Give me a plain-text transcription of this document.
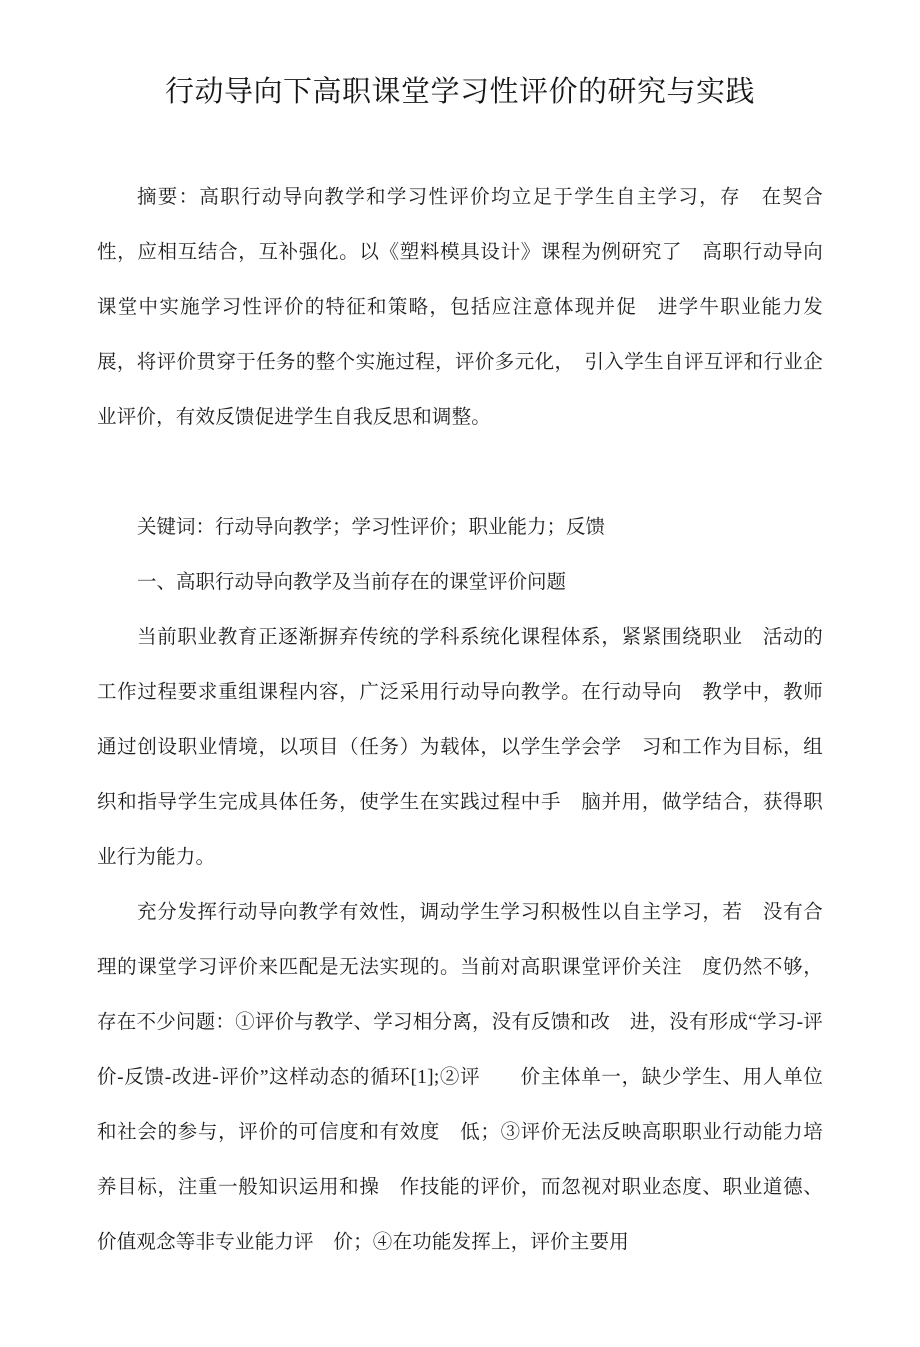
行动导向下高职课堂学习性评价的研究与实践

摘要：高职行动导向教学和学习性评价均立足于学生自主学习，存　在契合性，应相互结合，互补强化。以《塑料模具设计》课程为例研究了　高职行动导向课堂中实施学习性评价的特征和策略，包括应注意体现并促　进学牛职业能力发展，将评价贯穿于任务的整个实施过程，评价多元化，　引入学生自评互评和行业企业评价，有效反馈促进学生自我反思和调整。

关键词：行动导向教学；学习性评价；职业能力；反馈

一、高职行动导向教学及当前存在的课堂评价问题

当前职业教育正逐渐摒弃传统的学科系统化课程体系，紧紧围绕职业　活动的工作过程要求重组课程内容，广泛采用行动导向教学。在行动导向　教学中，教师通过创设职业情境，以项目（任务）为载体，以学生学会学　习和工作为目标，组织和指导学生完成具体任务，使学生在实践过程中手　脑并用，做学结合，获得职业行为能力。

充分发挥行动导向教学有效性，调动学生学习积极性以自主学习，若　没有合理的课堂学习评价来匹配是无法实现的。当前对高职课堂评价关注　度仍然不够，存在不少问题：①评价与教学、学习相分离，没有反馈和改　进，没有形成“学习-评价-反馈-改进-评价”这样动态的循环[1];②评　　价主体单一，缺少学生、用人单位和社会的参与，评价的可信度和有效度　低；③评价无法反映高职职业行动能力培养目标，注重一般知识运用和操　作技能的评价，而忽视对职业态度、职业道德、价值观念等非专业能力评　价；④在功能发挥上，评价主要用
